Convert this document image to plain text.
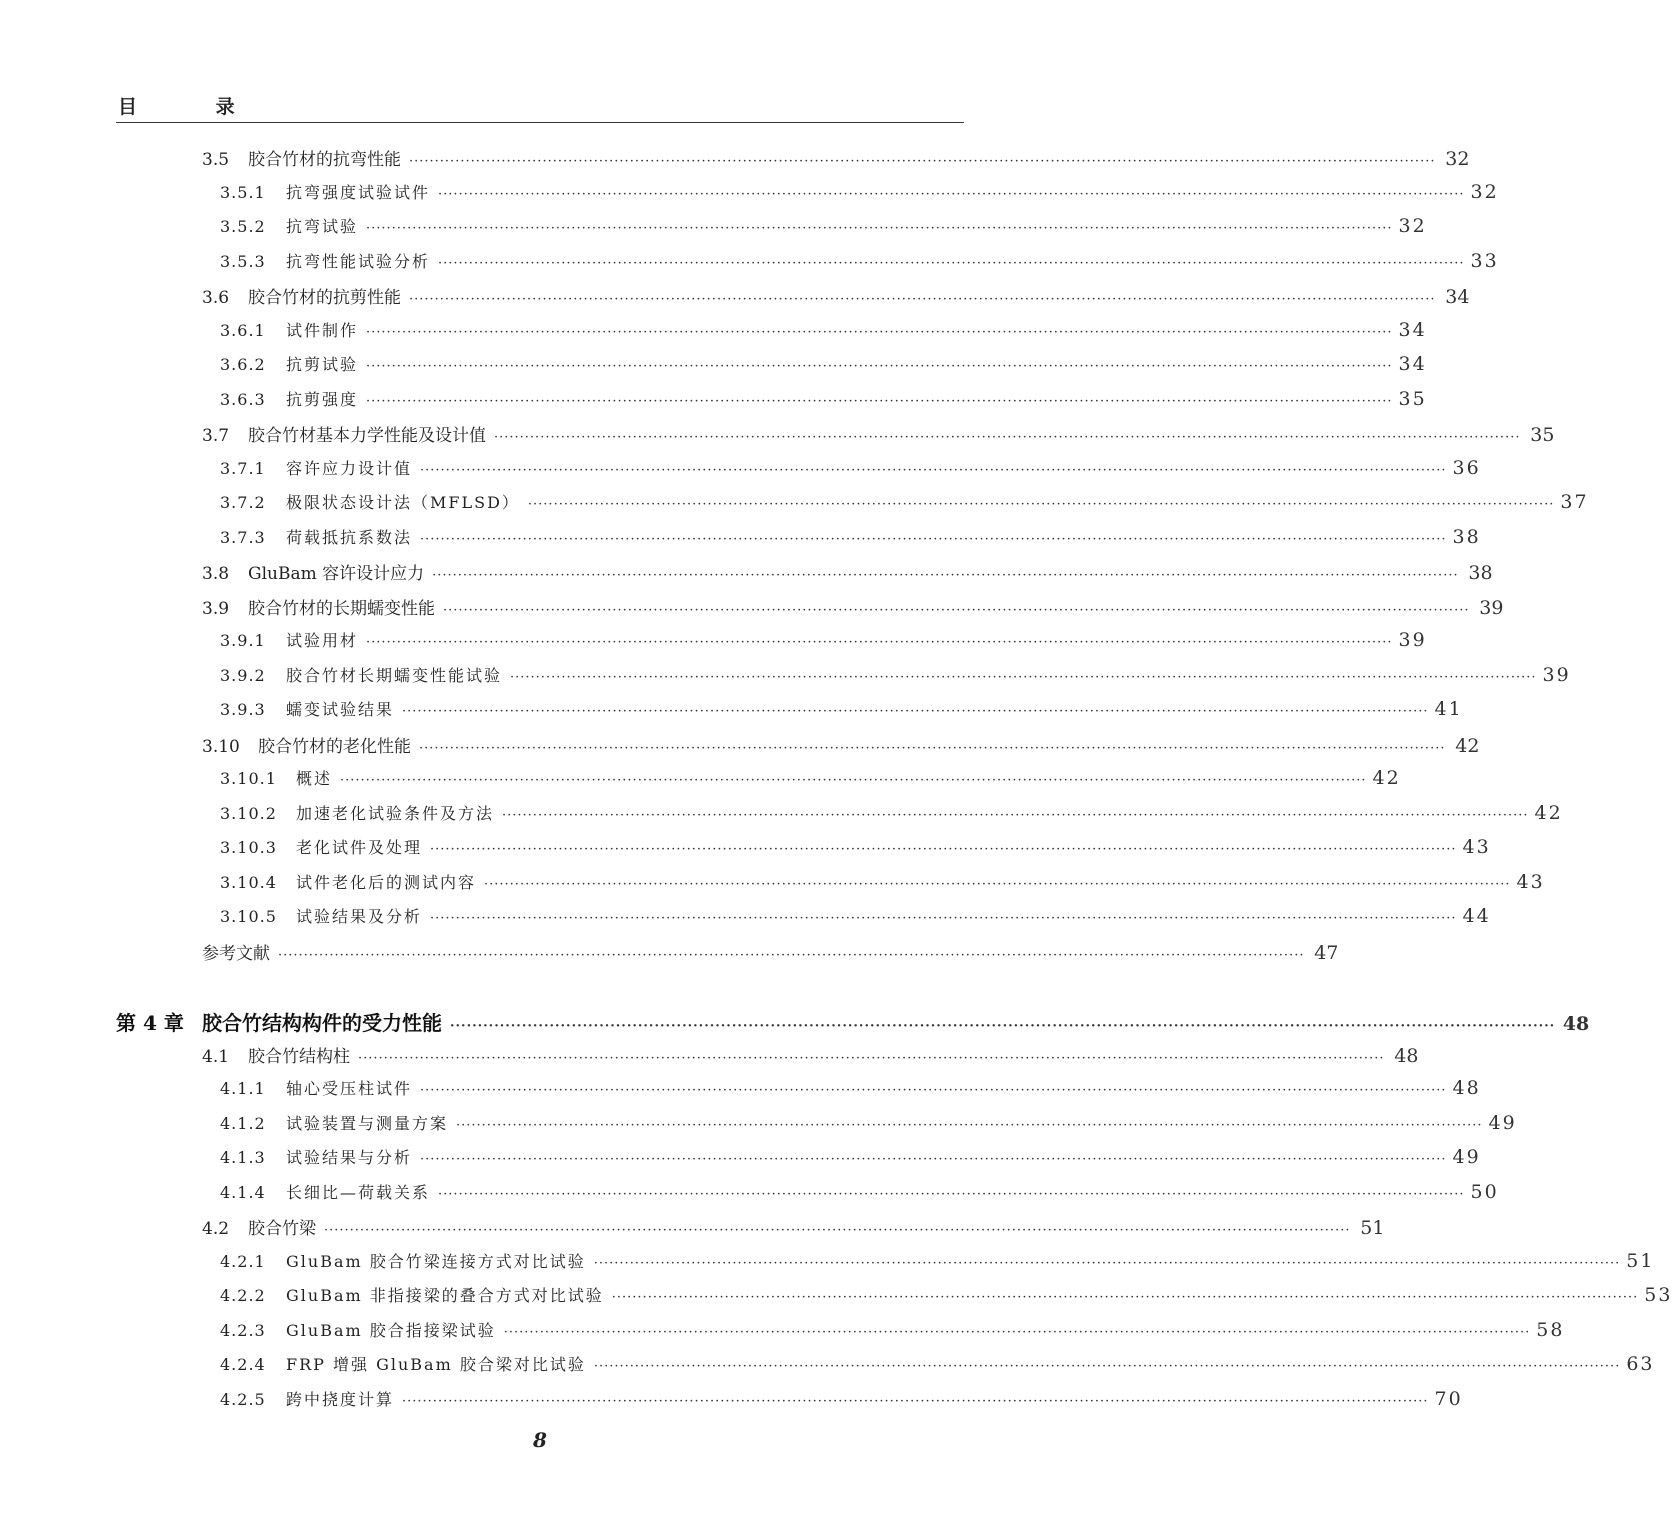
目 录
3.5	胶合竹材的抗弯性能 ········································································································································································································ 32
3.5.1	抗弯强度试验试件 ········································································································································································································ 32
3.5.2	抗弯试验 ········································································································································································································ 32
3.5.3	抗弯性能试验分析 ········································································································································································································ 33
3.6	胶合竹材的抗剪性能 ········································································································································································································ 34
3.6.1	试件制作 ········································································································································································································ 34
3.6.2	抗剪试验 ········································································································································································································ 34
3.6.3	抗剪强度 ········································································································································································································ 35
3.7	胶合竹材基本力学性能及设计值 ········································································································································································································ 35
3.7.1	容许应力设计值 ········································································································································································································ 36
3.7.2	极限状态设计法（MFLSD） ········································································································································································································ 37
3.7.3	荷载抵抗系数法 ········································································································································································································ 38
3.8	GluBam 容许设计应力 ········································································································································································································ 38
3.9	胶合竹材的长期蠕变性能 ········································································································································································································ 39
3.9.1	试验用材 ········································································································································································································ 39
3.9.2	胶合竹材长期蠕变性能试验 ········································································································································································································ 39
3.9.3	蠕变试验结果 ········································································································································································································ 41
3.10	胶合竹材的老化性能 ········································································································································································································ 42
3.10.1	概述 ········································································································································································································ 42
3.10.2	加速老化试验条件及方法 ········································································································································································································ 42
3.10.3	老化试件及处理 ········································································································································································································ 43
3.10.4	试件老化后的测试内容 ········································································································································································································ 43
3.10.5	试验结果及分析 ········································································································································································································ 44
参考文献 ········································································································································································································ 47
第 4 章 胶合竹结构构件的受力性能 ········································································································································································································ 48
4.1	胶合竹结构柱 ········································································································································································································ 48
4.1.1	轴心受压柱试件 ········································································································································································································ 48
4.1.2	试验装置与测量方案 ········································································································································································································ 49
4.1.3	试验结果与分析 ········································································································································································································ 49
4.1.4	长细比—荷载关系 ········································································································································································································ 50
4.2	胶合竹梁 ········································································································································································································ 51
4.2.1	GluBam 胶合竹梁连接方式对比试验 ········································································································································································································ 51
4.2.2	GluBam 非指接梁的叠合方式对比试验 ········································································································································································································ 53
4.2.3	GluBam 胶合指接梁试验 ········································································································································································································ 58
4.2.4	FRP 增强 GluBam 胶合梁对比试验 ········································································································································································································ 63
4.2.5	跨中挠度计算 ········································································································································································································ 70
8
